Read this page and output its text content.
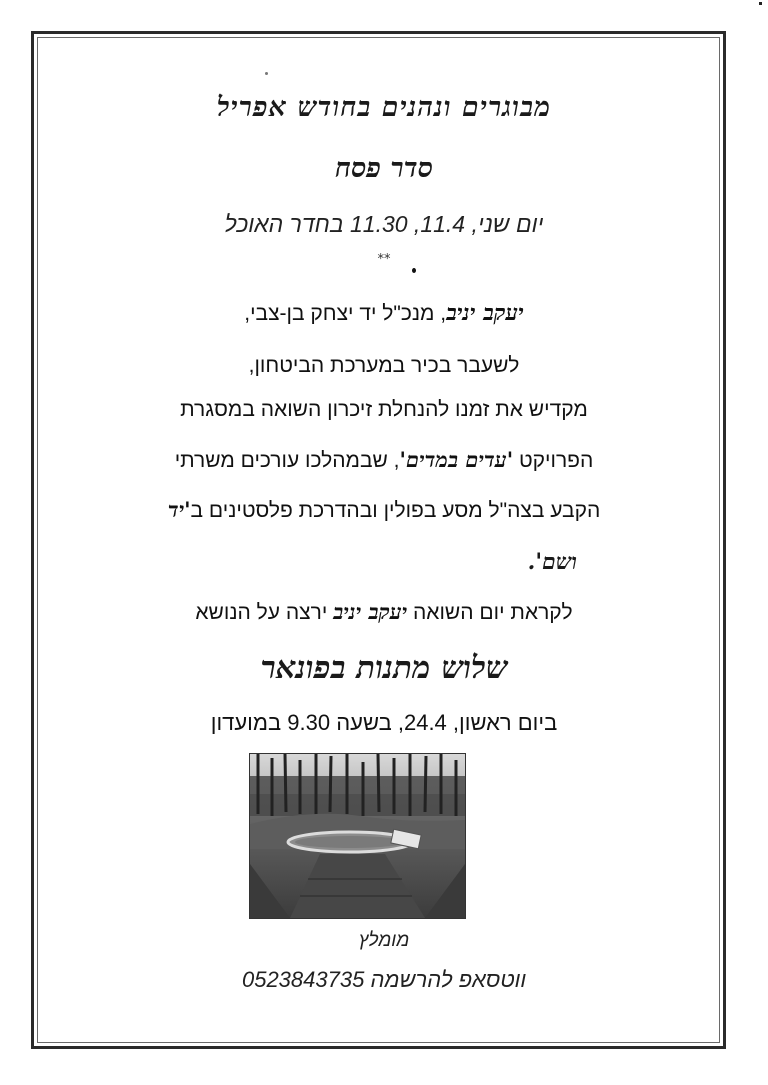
מבוגרים ונהנים בחודש אפריל
סדר פסח
יום שני, 11.4, 11.30 בחדר האוכל
**
יעקב יניב, מנכ"ל יד יצחק בן-צבי,
לשעבר בכיר במערכת הביטחון,
מקדיש את זמנו להנחלת זיכרון השואה במסגרת
הפרויקט 'עדים במדים', שבמהלכו עורכים משרתי
הקבע בצה"ל מסע בפולין ובהדרכת פלסטינים ב'יד
ושם'.
לקראת יום השואה יעקב יניב ירצה על הנושא
שלוש מתנות בפונאר
ביום ראשון, 24.4, בשעה 9.30 במועדון
מומלץ
ווטסאפ להרשמה 0523843735
